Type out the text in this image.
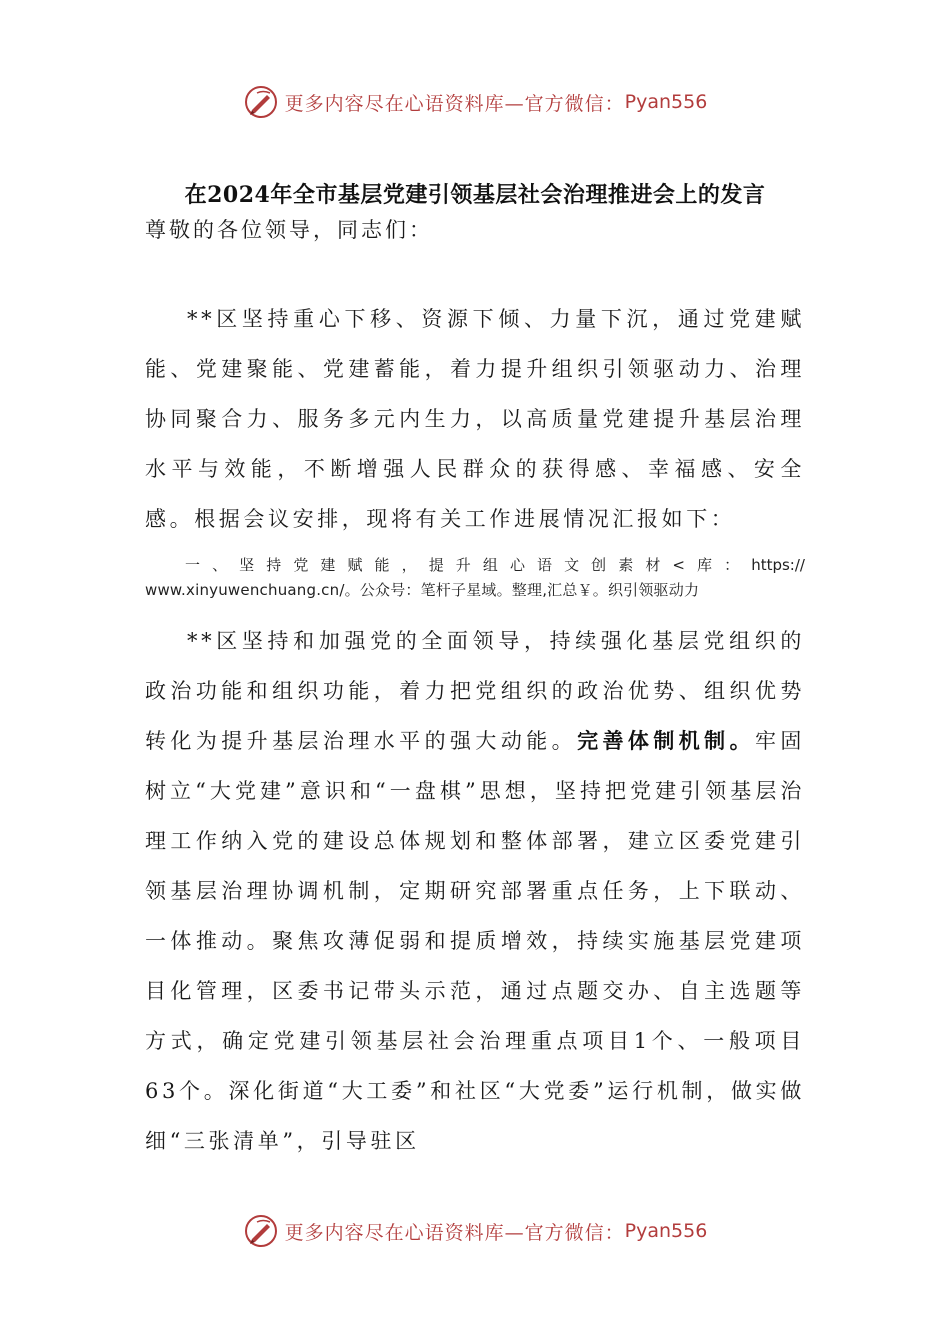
更多内容尽在心语资料库—官方微信： Pyan556
在2024年全市基层党建引领基层社会治理推进会上的发言

尊敬的各位领导，同志们：

**区坚持重心下移、资源下倾、力量下沉，通过党建赋能、党建聚能、党建蓄能，着力提升组织引领驱动力、治理协同聚合力、服务多元内生力，以高质量党建提升基层治理水平与效能，不断增强人民群众的获得感、幸福感、安全感。根据会议安排，现将有关工作进展情况汇报如下：

一 、 坚 持 党 建 赋 能 ， 提 升 组 心 语 文 创 素 材 < 库 ： https://
www.xinyuwenchuang.cn/。公众号：笔杆子星域。整理,汇总￥。织引领驱动力

**区坚持和加强党的全面领导，持续强化基层党组织的政治功能和组织功能，着力把党组织的政治优势、组织优势转化为提升基层治理水平的强大动能。完善体制机制。牢固树立“大党建”意识和“一盘棋”思想，坚持把党建引领基层治理工作纳入党的建设总体规划和整体部署，建立区委党建引领基层治理协调机制，定期研究部署重点任务，上下联动、一体推动。聚焦攻薄促弱和提质增效，持续实施基层党建项目化管理，区委书记带头示范，通过点题交办、自主选题等方式，确定党建引领基层社会治理重点项目1个、一般项目63个。深化街道“大工委”和社区“大党委”运行机制，做实做细“三张清单”，引导驻区

更多内容尽在心语资料库—官方微信： Pyan556
